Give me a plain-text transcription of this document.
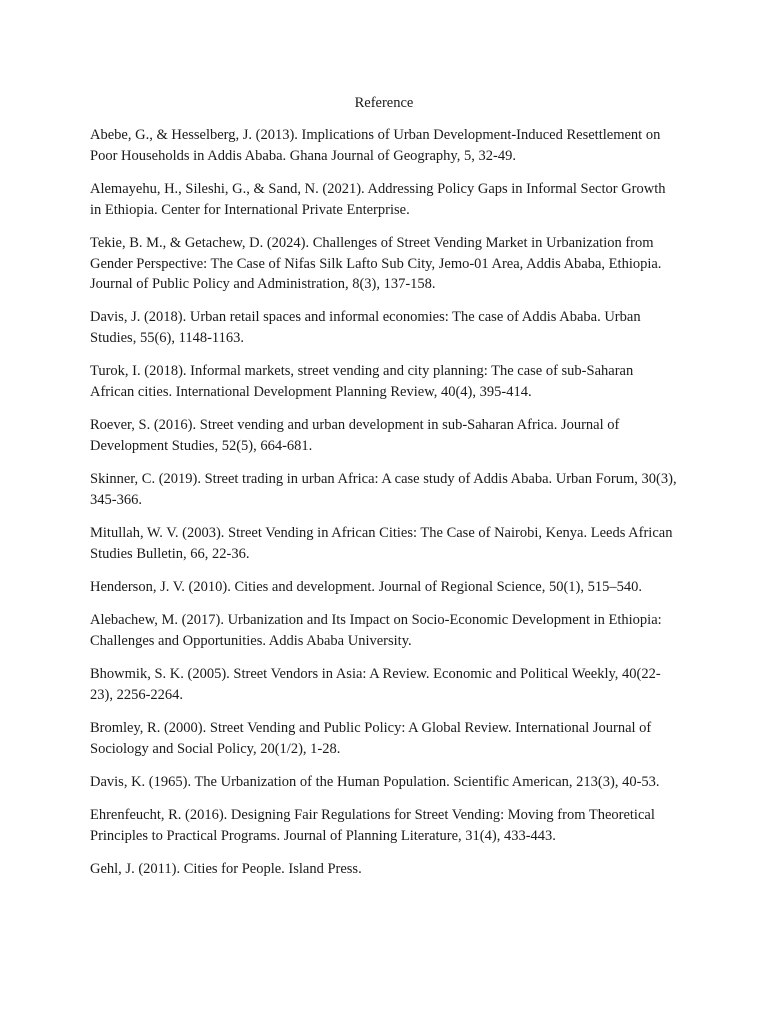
Reference
Abebe, G., & Hesselberg, J. (2013). Implications of Urban Development-Induced Resettlement on Poor Households in Addis Ababa. Ghana Journal of Geography, 5, 32-49.
Alemayehu, H., Sileshi, G., & Sand, N. (2021). Addressing Policy Gaps in Informal Sector Growth in Ethiopia. Center for International Private Enterprise.
Tekie, B. M., & Getachew, D. (2024). Challenges of Street Vending Market in Urbanization from Gender Perspective: The Case of Nifas Silk Lafto Sub City, Jemo-01 Area, Addis Ababa, Ethiopia. Journal of Public Policy and Administration, 8(3), 137-158.
Davis, J. (2018). Urban retail spaces and informal economies: The case of Addis Ababa. Urban Studies, 55(6), 1148-1163.
Turok, I. (2018). Informal markets, street vending and city planning: The case of sub-Saharan African cities. International Development Planning Review, 40(4), 395-414.
Roever, S. (2016). Street vending and urban development in sub-Saharan Africa. Journal of Development Studies, 52(5), 664-681.
Skinner, C. (2019). Street trading in urban Africa: A case study of Addis Ababa. Urban Forum, 30(3), 345-366.
Mitullah, W. V. (2003). Street Vending in African Cities: The Case of Nairobi, Kenya. Leeds African Studies Bulletin, 66, 22-36.
Henderson, J. V. (2010). Cities and development. Journal of Regional Science, 50(1), 515–540.
Alebachew, M. (2017). Urbanization and Its Impact on Socio-Economic Development in Ethiopia: Challenges and Opportunities. Addis Ababa University.
Bhowmik, S. K. (2005). Street Vendors in Asia: A Review. Economic and Political Weekly, 40(22-23), 2256-2264.
Bromley, R. (2000). Street Vending and Public Policy: A Global Review. International Journal of Sociology and Social Policy, 20(1/2), 1-28.
Davis, K. (1965). The Urbanization of the Human Population. Scientific American, 213(3), 40-53.
Ehrenfeucht, R. (2016). Designing Fair Regulations for Street Vending: Moving from Theoretical Principles to Practical Programs. Journal of Planning Literature, 31(4), 433-443.
Gehl, J. (2011). Cities for People. Island Press.
